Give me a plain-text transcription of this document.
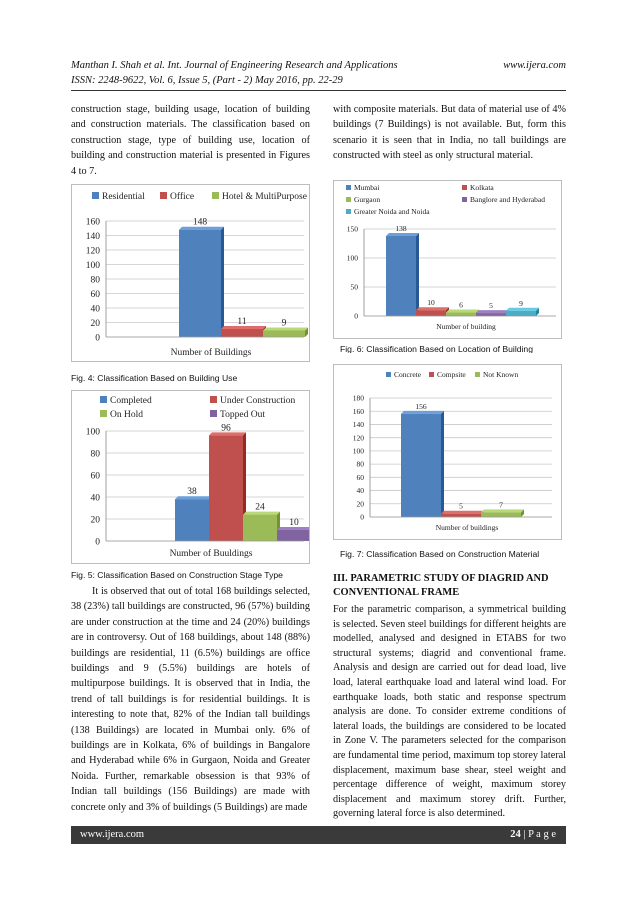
Manthan I. Shah et al. Int. Journal of Engineering Research and Applications	www.ijera.com
ISSN: 2248-9622, Vol. 6, Issue 5, (Part - 2) May 2016, pp. 22-29

construction stage, building usage, location of building and construction materials. The classification based on construction stage, type of building use, location of building and construction material is presented in Figures 4 to 7.

with composite materials. But data of material use of 4% buildings (7 Buildings) is not available. But, form this scenario it is seen that in India, no tall buildings are constructed with steel as only structural material.

0
20
40
60
80
100
120
140
160
Residential	Office	Hotel & MultiPurpose
148
11	9
Number of Buildings
Fig. 4: Classification Based on Building Use
0
20
40
60
80
100
Completed	Under Construction
On Hold	Topped Out
38
96
24
10
Number of Buuldings
Fig. 5: Classification Based on Construction Stage Type
0
50
100
150
Mumbai	Kolkata
Gurgaon	Banglore and Hyderabad
Greater Noida and Noida
138
10	6	5	9
Number of building
Fig. 6: Classification Based on Location of Building
0
20
40
60
80
100
120
140
160
180
Concrete Compsite Not Known
156
5	7
Number of buildings
Fig. 7: Classification Based on Construction Material

It is observed that out of total 168 buildings selected, 38 (23%) tall buildings are constructed, 96 (57%) building are under construction at the time and 24 (20%) buildings are in controversy. Out of 168 buildings, about 148 (88%) buildings are residential, 11 (6.5%) buildings are office buildings and 9 (5.5%) buildings are hotels of multipurpose buildings. It is observed that in India, the trend of tall buildings is for residential buildings. It is interesting to note that, 82% of the Indian tall buildings (138 Buildings) are located in Mumbai only. 6% of buildings are in Kolkata, 6% of buildings in Bangalore and Hyderabad while 6% in Gurgaon, Noida and Greater Noida. Further, remarkable obsession is that 93% of Indian tall buildings (156 Buildings) are made with concrete only and 3% of buildings (5 Buildings) are made

III. PARAMETRIC STUDY OF DIAGRID AND CONVENTIONAL FRAME

For the parametric comparison, a symmetrical building is selected. Seven steel buildings for different heights are modelled, analysed and designed in ETABS for two structural systems; diagrid and conventional frame. Analysis and design are carried out for dead load, live load, lateral earthquake load and lateral wind load. For earthquake loads, both static and response spectrum analysis are done. To consider extreme conditions of lateral loads, the buildings are considered to be located in Zone V. The parameters selected for the comparison are fundamental time period, maximum top storey lateral displacement, maximum base shear, steel weight and percentage difference of weight, maximum storey displacement and maximum storey drift. Further, governing lateral force is also determined.

www.ijera.com	24 | P a g e
